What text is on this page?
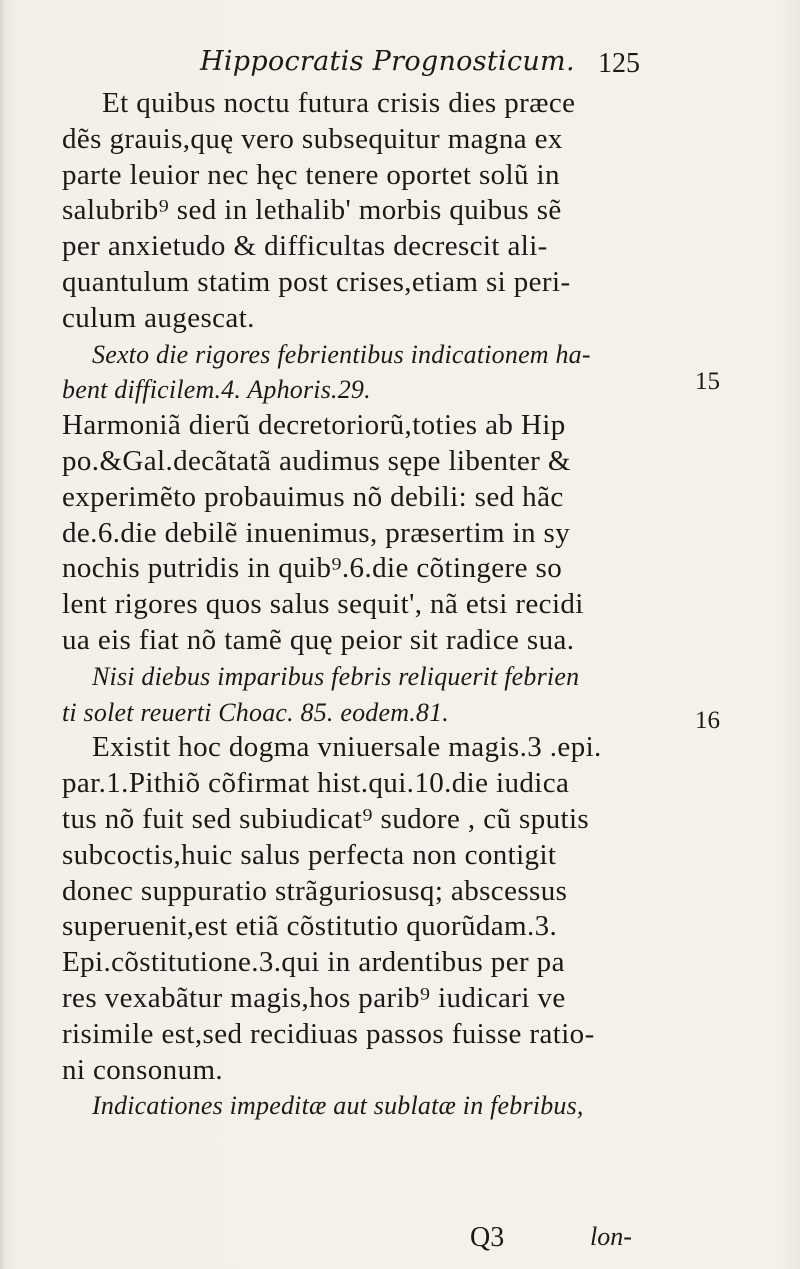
Hippocratis Prognosticum. 125
Et quibus noctu futura crisis dies præce
dẽs grauis,quę vero subsequitur magna ex
parte leuior nec hęc tenere oportet solũ in
salubrib⁹ sed in lethalib' morbis quibus sẽ
per anxietudo & difficultas decrescit ali-
quantulum statim post crises,etiam si peri-
culum augescat.
Sexto die rigores febrientibus indicationem ha-
bent difficilem.4. Aphoris.29.
Harmoniã dierũ decretoriorũ,toties ab Hip
po.&Gal.decãtatã audimus sępe libenter &
experimẽto probauimus nõ debili: sed hãc
de.6.die debilẽ inuenimus, præsertim in sy
nochis putridis in quib⁹.6.die cõtingere so
lent rigores quos salus sequit', nã etsi recidi
ua eis fiat nõ tamẽ quę peior sit radice sua.
Nisi diebus imparibus febris reliquerit febrien
ti solet reuerti Choac. 85. eodem.81.
Existit hoc dogma vniuersale magis.3 .epi.
par.1.Pithiõ cõfirmat hist.qui.10.die iudica
tus nõ fuit sed subiudicat⁹ sudore , cũ sputis
subcoctis,huic salus perfecta non contigit
donec suppuratio strãguriosusq; abscessus
superuenit,est etiã cõstitutio quorũdam.3.
Epi.cõstitutione.3.qui in ardentibus per pa
res vexabãtur magis,hos parib⁹ iudicari ve
risimile est,sed recidiuas passos fuisse ratio-
ni consonum.
Indicationes impeditæ aut sublatæ in febribus,
15
16
Q3	lon-
